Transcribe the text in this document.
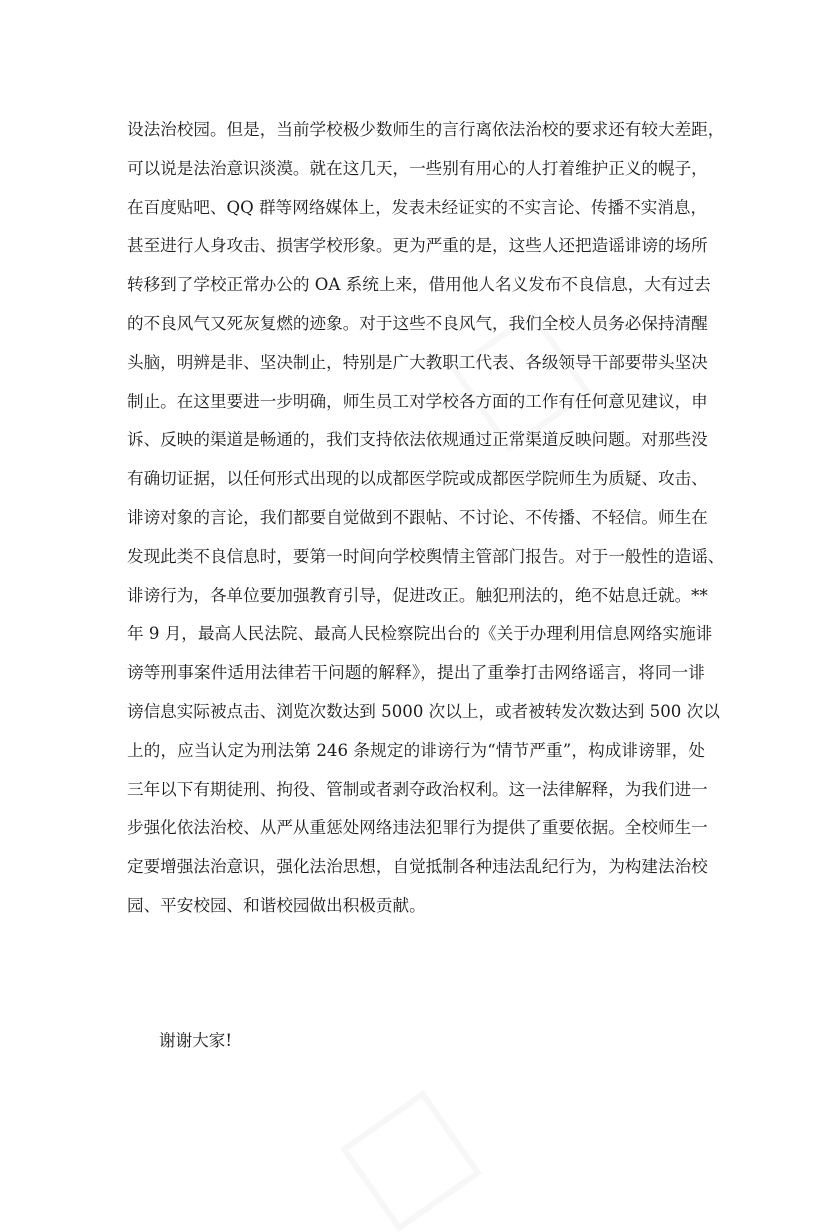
设法治校园。但是，当前学校极少数师生的言行离依法治校的要求还有较大差距，
可以说是法治意识淡漠。就在这几天，一些别有用心的人打着维护正义的幌子，
在百度贴吧、QQ 群等网络媒体上，发表未经证实的不实言论、传播不实消息，
甚至进行人身攻击、损害学校形象。更为严重的是，这些人还把造谣诽谤的场所
转移到了学校正常办公的 OA 系统上来，借用他人名义发布不良信息，大有过去
的不良风气又死灰复燃的迹象。对于这些不良风气，我们全校人员务必保持清醒
头脑，明辨是非、坚决制止，特别是广大教职工代表、各级领导干部要带头坚决
制止。在这里要进一步明确，师生员工对学校各方面的工作有任何意见建议，申
诉、反映的渠道是畅通的，我们支持依法依规通过正常渠道反映问题。对那些没
有确切证据，以任何形式出现的以成都医学院或成都医学院师生为质疑、攻击、
诽谤对象的言论，我们都要自觉做到不跟帖、不讨论、不传播、不轻信。师生在
发现此类不良信息时，要第一时间向学校舆情主管部门报告。对于一般性的造谣、
诽谤行为，各单位要加强教育引导，促进改正。触犯刑法的，绝不姑息迁就。**
年 9 月，最高人民法院、最高人民检察院出台的《关于办理利用信息网络实施诽
谤等刑事案件适用法律若干问题的解释》，提出了重拳打击网络谣言，将同一诽
谤信息实际被点击、浏览次数达到 5000 次以上，或者被转发次数达到 500 次以
上的，应当认定为刑法第 246 条规定的诽谤行为“情节严重”，构成诽谤罪，处
三年以下有期徒刑、拘役、管制或者剥夺政治权利。这一法律解释，为我们进一
步强化依法治校、从严从重惩处网络违法犯罪行为提供了重要依据。全校师生一
定要增强法治意识，强化法治思想，自觉抵制各种违法乱纪行为，为构建法治校
园、平安校园、和谐校园做出积极贡献。
谢谢大家!
